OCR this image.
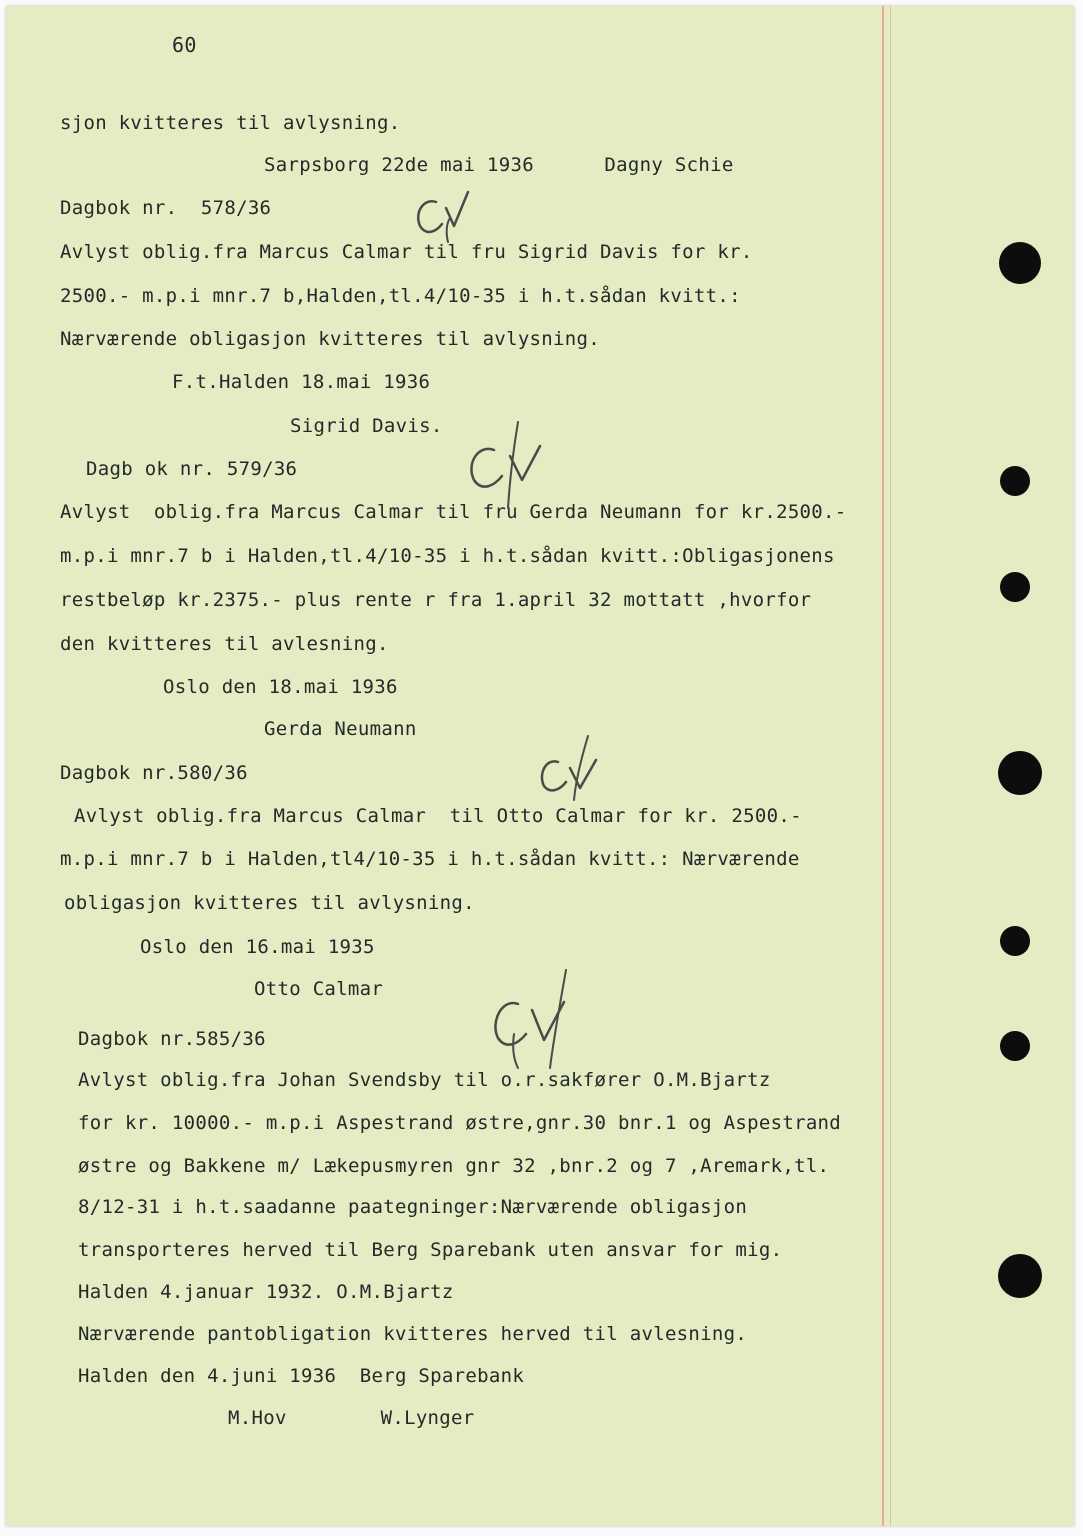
60
sjon kvitteres til avlysning.
Sarpsborg 22de mai 1936      Dagny Schie
Dagbok nr.  578/36
Avlyst oblig.fra Marcus Calmar til fru Sigrid Davis for kr.
2500.- m.p.i mnr.7 b,Halden,tl.4/10-35 i h.t.sådan kvitt.:
Nærværende obligasjon kvitteres til avlysning.
F.t.Halden 18.mai 1936
Sigrid Davis.
Dagb ok nr. 579/36
Avlyst  oblig.fra Marcus Calmar til fru Gerda Neumann for kr.2500.-
m.p.i mnr.7 b i Halden,tl.4/10-35 i h.t.sådan kvitt.:Obligasjonens
restbeløp kr.2375.- plus rente r fra 1.april 32 mottatt ,hvorfor
den kvitteres til avlesning.
Oslo den 18.mai 1936
Gerda Neumann
Dagbok nr.580/36
Avlyst oblig.fra Marcus Calmar  til Otto Calmar for kr. 2500.-
m.p.i mnr.7 b i Halden,tl4/10-35 i h.t.sådan kvitt.: Nærværende
obligasjon kvitteres til avlysning.
Oslo den 16.mai 1935
Otto Calmar
Dagbok nr.585/36
Avlyst oblig.fra Johan Svendsby til o.r.sakfører O.M.Bjartz
for kr. 10000.- m.p.i Aspestrand østre,gnr.30 bnr.1 og Aspestrand
østre og Bakkene m/ Lækepusmyren gnr 32 ,bnr.2 og 7 ,Aremark,tl.
8/12-31 i h.t.saadanne paategninger:Nærværende obligasjon
transporteres herved til Berg Sparebank uten ansvar for mig.
Halden 4.januar 1932. O.M.Bjartz
Nærværende pantobligation kvitteres herved til avlesning.
Halden den 4.juni 1936  Berg Sparebank
M.Hov        W.Lynger
